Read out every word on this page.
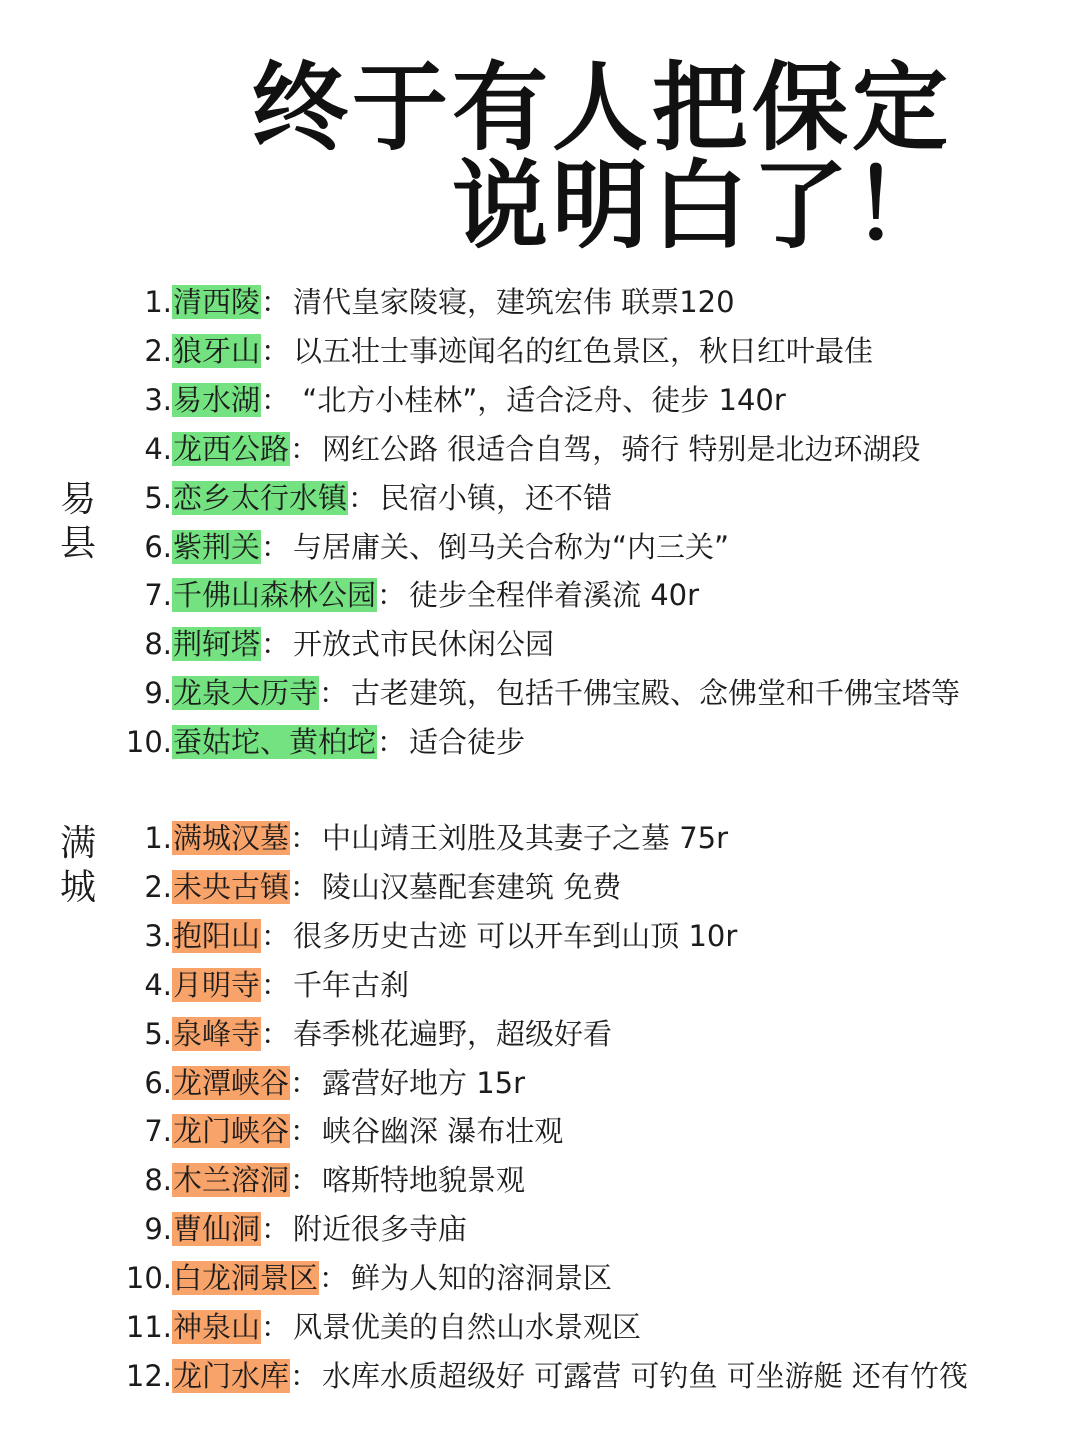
终于有人把保定
说明白了！
易县
满城
1.清西陵： 清代皇家陵寝，建筑宏伟 联票120
2.狼牙山： 以五壮士事迹闻名的红色景区，秋日红叶最佳
3.易水湖： “北方小桂林”，适合泛舟、徒步 140r
4.龙西公路： 网红公路 很适合自驾，骑行 特别是北边环湖段
5.恋乡太行水镇： 民宿小镇，还不错
6.紫荆关： 与居庸关、倒马关合称为“内三关”
7.千佛山森林公园： 徒步全程伴着溪流 40r
8.荆轲塔： 开放式市民休闲公园
9.龙泉大历寺： 古老建筑，包括千佛宝殿、念佛堂和千佛宝塔等
10.蚕姑坨、黄柏坨： 适合徒步
1.满城汉墓： 中山靖王刘胜及其妻子之墓 75r
2.未央古镇： 陵山汉墓配套建筑 免费
3.抱阳山： 很多历史古迹 可以开车到山顶 10r
4.月明寺： 千年古刹
5.泉峰寺： 春季桃花遍野，超级好看
6.龙潭峡谷： 露营好地方 15r
7.龙门峡谷： 峡谷幽深 瀑布壮观
8.木兰溶洞： 喀斯特地貌景观
9.曹仙洞： 附近很多寺庙
10.白龙洞景区： 鲜为人知的溶洞景区
11.神泉山： 风景优美的自然山水景观区
12.龙门水库： 水库水质超级好 可露营 可钓鱼 可坐游艇 还有竹筏
